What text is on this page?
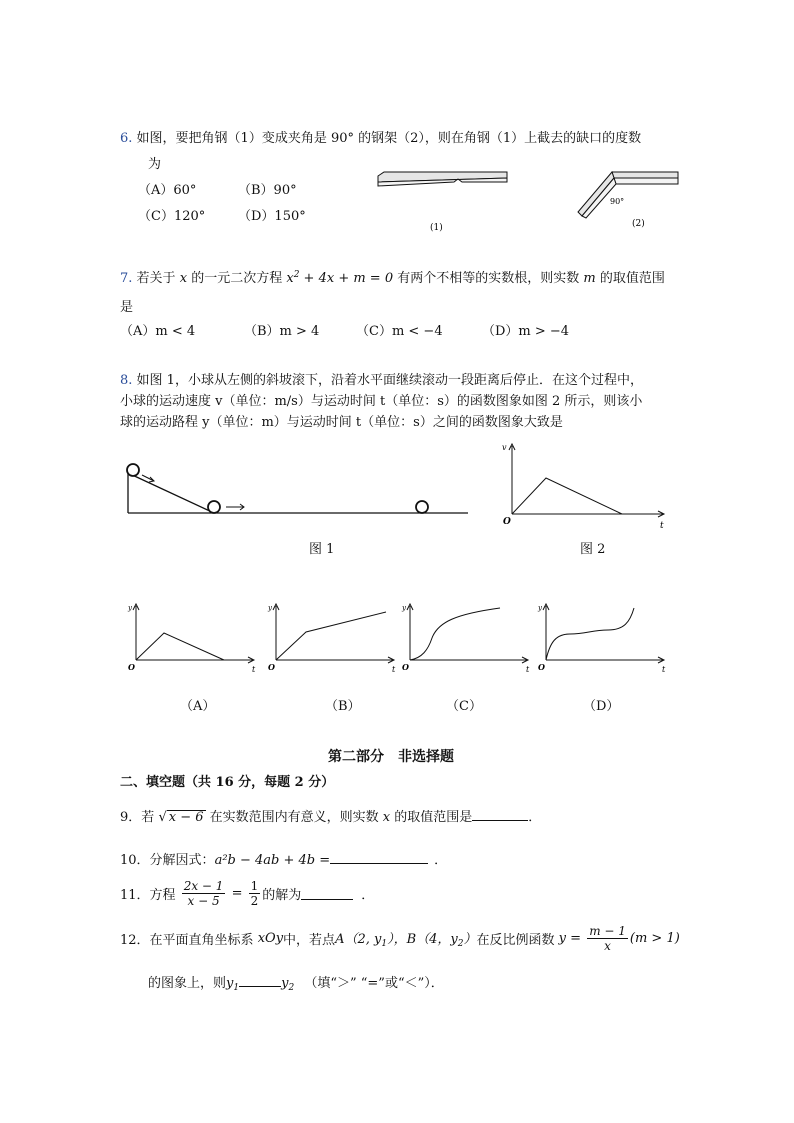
6. 如图，要把角钢（1）变成夹角是 90° 的钢架（2），则在角钢（1）上截去的缺口的度数
为
（A）60°	（B）90°
（C）120°	（D）150°
(1)
90°
(2)
7. 若关于 x 的一元二次方程 $x^2 + 4x + m = 0$ 有两个不相等的实数根，则实数 m 的取值范围
是
（A）m < 4	（B）m > 4	（C）m < −4	（D）m > −4
8. 如图 1，小球从左侧的斜坡滚下，沿着水平面继续滚动一段距离后停止．在这个过程中，
小球的运动速度 v（单位：m/s）与运动时间 t（单位：s）的函数图象如图 2 所示，则该小
球的运动路程 y（单位：m）与运动时间 t（单位：s）之间的函数图象大致是
图 1
v
t
O
图 2
y
t
O
y
t
O
y
t
O
y
t
O
（A）	（B）	（C）	（D）
第二部分　非选择题
二、填空题（共 16 分，每题 2 分）
9．若 √ x − 6 在实数范围内有意义，则实数 x 的取值范围是	．
10．分解因式：a²b − 4ab + 4b =	．
11．方程 $\frac{2x - 1}{x - 5} = \frac{1}{2}$ 的解为	．
12．在平面直角坐标系 xOy中，若点A（2, $y_1$），B（4，$y_2$）在反比例函数 $y = \frac{m - 1}{x} (m > 1)$
的图象上，则$y_1$	$y_2$ （填“＞” “=”或“＜”）．
